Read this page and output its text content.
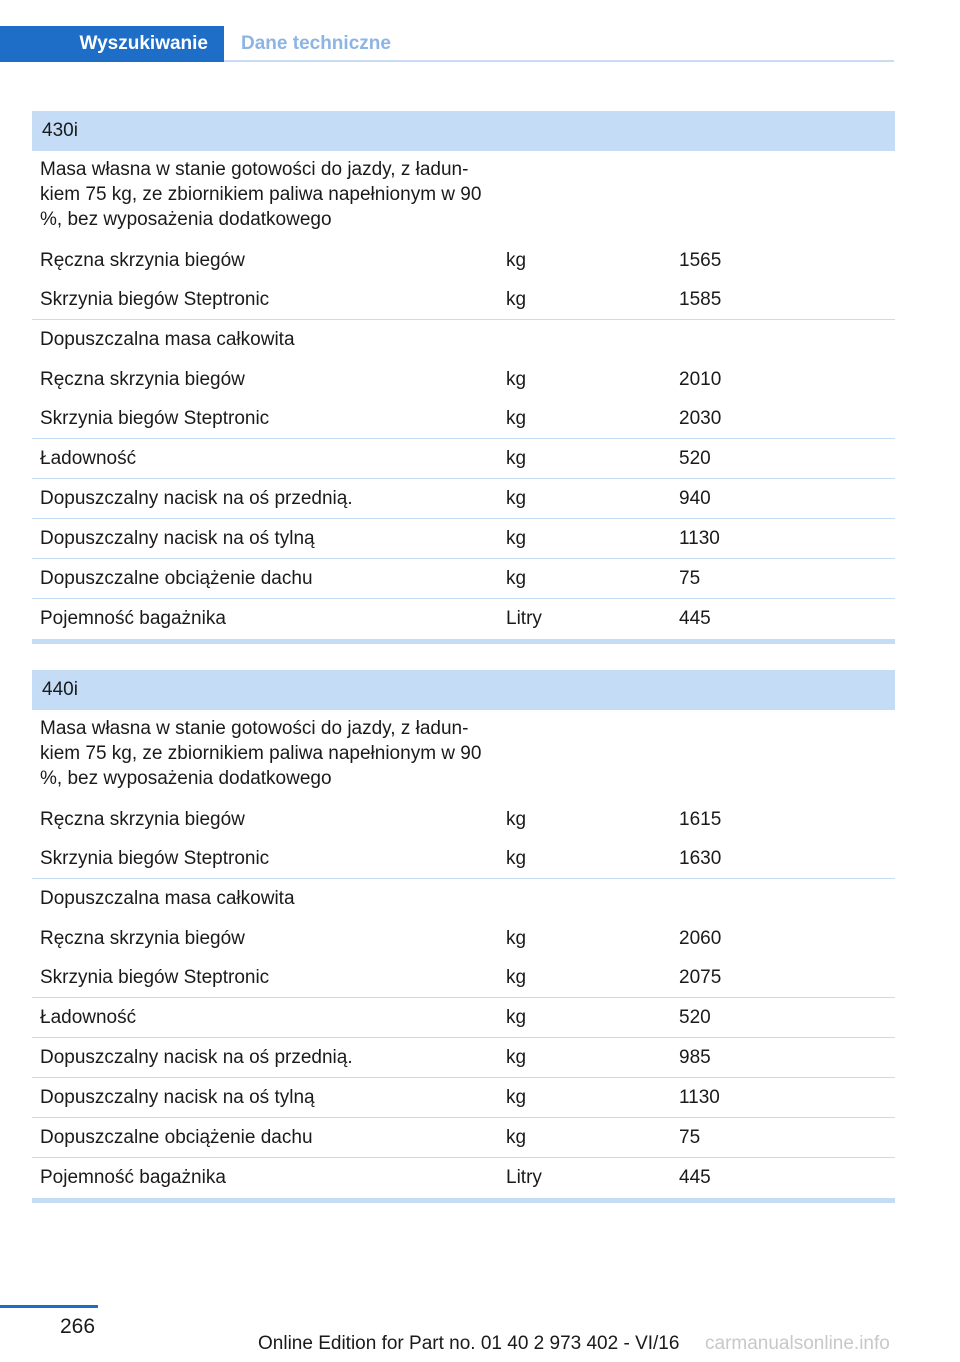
Wyszukiwanie	Dane techniczne
430i
Masa własna w stanie gotowości do jazdy, z ładun-kiem 75 kg, ze zbiornikiem paliwa napełnionym w 90 %, bez wyposażenia dodatkowego
Ręczna skrzynia biegów	kg	1565
Skrzynia biegów Steptronic	kg	1585
Dopuszczalna masa całkowita
Ręczna skrzynia biegów	kg	2010
Skrzynia biegów Steptronic	kg	2030
Ładowność	kg	520
Dopuszczalny nacisk na oś przednią.	kg	940
Dopuszczalny nacisk na oś tylną	kg	1130
Dopuszczalne obciążenie dachu	kg	75
Pojemność bagażnika	Litry	445
440i
Masa własna w stanie gotowości do jazdy, z ładun-kiem 75 kg, ze zbiornikiem paliwa napełnionym w 90 %, bez wyposażenia dodatkowego
Ręczna skrzynia biegów	kg	1615
Skrzynia biegów Steptronic	kg	1630
Dopuszczalna masa całkowita
Ręczna skrzynia biegów	kg	2060
Skrzynia biegów Steptronic	kg	2075
Ładowność	kg	520
Dopuszczalny nacisk na oś przednią.	kg	985
Dopuszczalny nacisk na oś tylną	kg	1130
Dopuszczalne obciążenie dachu	kg	75
Pojemność bagażnika	Litry	445
266
Online Edition for Part no. 01 40 2 973 402 - VI/16 carmanualsonline.info
